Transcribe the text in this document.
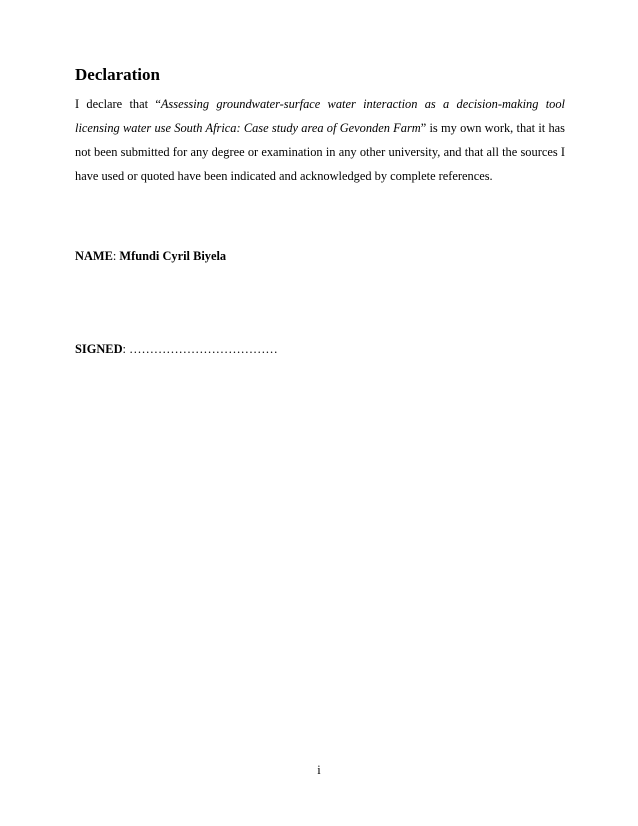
Declaration

I declare that “Assessing groundwater-surface water interaction as a decision-making tool licensing water use South Africa: Case study area of Gevonden Farm” is my own work, that it has not been submitted for any degree or examination in any other university, and that all the sources I have used or quoted have been indicated and acknowledged by complete references.

NAME: Mfundi Cyril Biyela

SIGNED: ………………………………

i
